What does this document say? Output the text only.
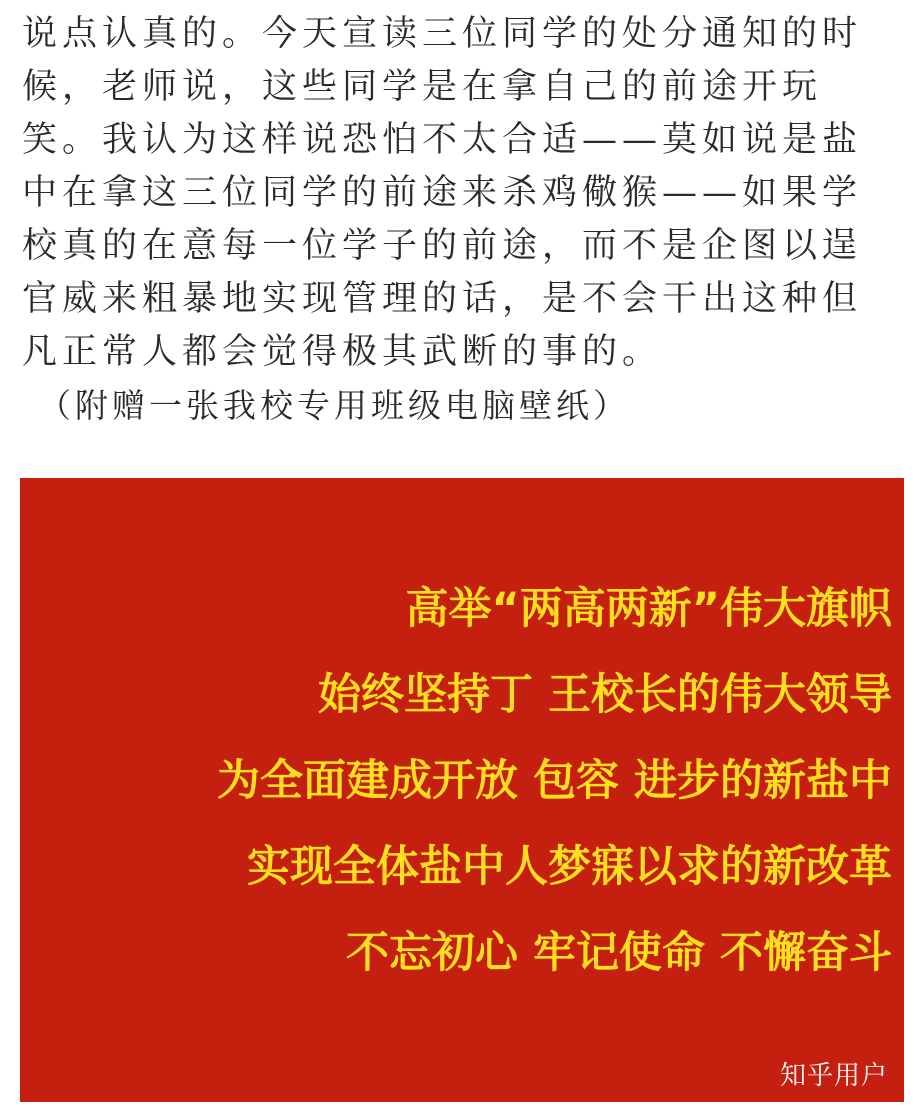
说点认真的。今天宣读三位同学的处分通知的时
候，老师说，这些同学是在拿自己的前途开玩
笑。我认为这样说恐怕不太合适——莫如说是盐
中在拿这三位同学的前途来杀鸡儆猴——如果学
校真的在意每一位学子的前途，而不是企图以逞
官威来粗暴地实现管理的话，是不会干出这种但
凡正常人都会觉得极其武断的事的。
（附赠一张我校专用班级电脑壁纸）
高举“两高两新”伟大旗帜
始终坚持丁 王校长的伟大领导
为全面建成开放 包容 进步的新盐中
实现全体盐中人梦寐以求的新改革
不忘初心 牢记使命 不懈奋斗
知乎用户
